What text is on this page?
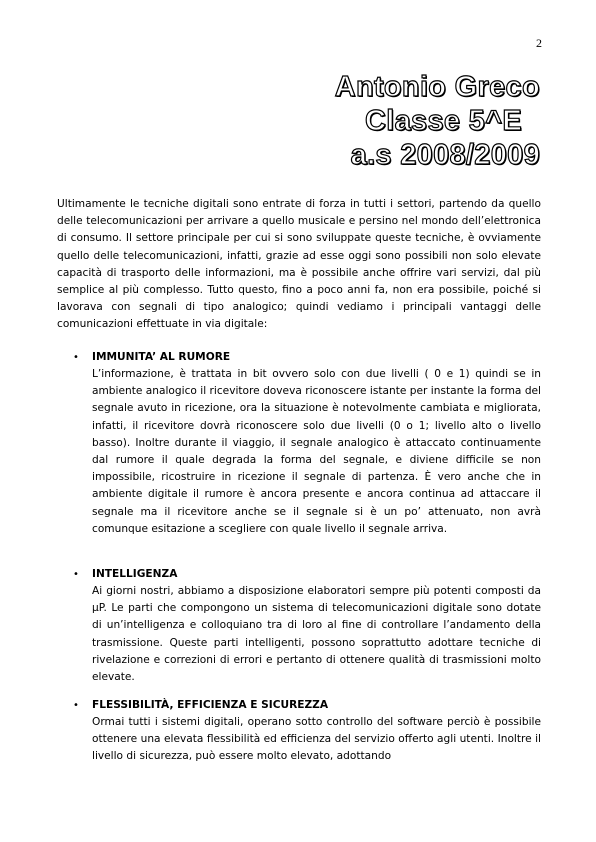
2
Antonio Greco
Classe 5^E
a.s 2008/2009

Ultimamente le tecniche digitali sono entrate di forza in tutti i settori, partendo da quello delle telecomunicazioni per arrivare a quello musicale e persino nel mondo dell’elettronica di consumo. Il settore principale per cui si sono sviluppate queste tecniche, è ovviamente quello delle telecomunicazioni, infatti, grazie ad esse oggi sono possibili non solo elevate capacità di trasporto delle informazioni, ma è possibile anche offrire vari servizi, dal più semplice al più complesso. Tutto questo, fino a poco anni fa, non era possibile, poiché si lavorava con segnali di tipo analogico; quindi vediamo i principali vantaggi delle comunicazioni effettuate in via digitale:

• IMMUNITA’ AL RUMORE

L’informazione, è trattata in bit ovvero solo con due livelli ( 0 e 1) quindi se in ambiente analogico il ricevitore doveva riconoscere istante per instante la forma del segnale avuto in ricezione, ora la situazione è notevolmente cambiata e migliorata, infatti, il ricevitore dovrà riconoscere solo due livelli (0 o 1; livello alto o livello basso). Inoltre durante il viaggio, il segnale analogico è attaccato continuamente dal rumore il quale degrada la forma del segnale, e diviene difficile se non impossibile, ricostruire in ricezione il segnale di partenza. È vero anche che in ambiente digitale il rumore è ancora presente e ancora continua ad attaccare il segnale ma il ricevitore anche se il segnale si è un po’ attenuato, non avrà comunque esitazione a scegliere con quale livello il segnale arriva.

• INTELLIGENZA

Ai giorni nostri, abbiamo a disposizione elaboratori sempre più potenti composti da μP. Le parti che compongono un sistema di telecomunicazioni digitale sono dotate di un’intelligenza e colloquiano tra di loro al fine di controllare l’andamento della trasmissione. Queste parti intelligenti, possono soprattutto adottare tecniche di rivelazione e correzioni di errori e pertanto di ottenere qualità di trasmissioni molto elevate.

• FLESSIBILITÀ, EFFICIENZA E SICUREZZA

Ormai tutti i sistemi digitali, operano sotto controllo del software perciò è possibile ottenere una elevata flessibilità ed efficienza del servizio offerto agli utenti. Inoltre il livello di sicurezza, può essere molto elevato, adottando
